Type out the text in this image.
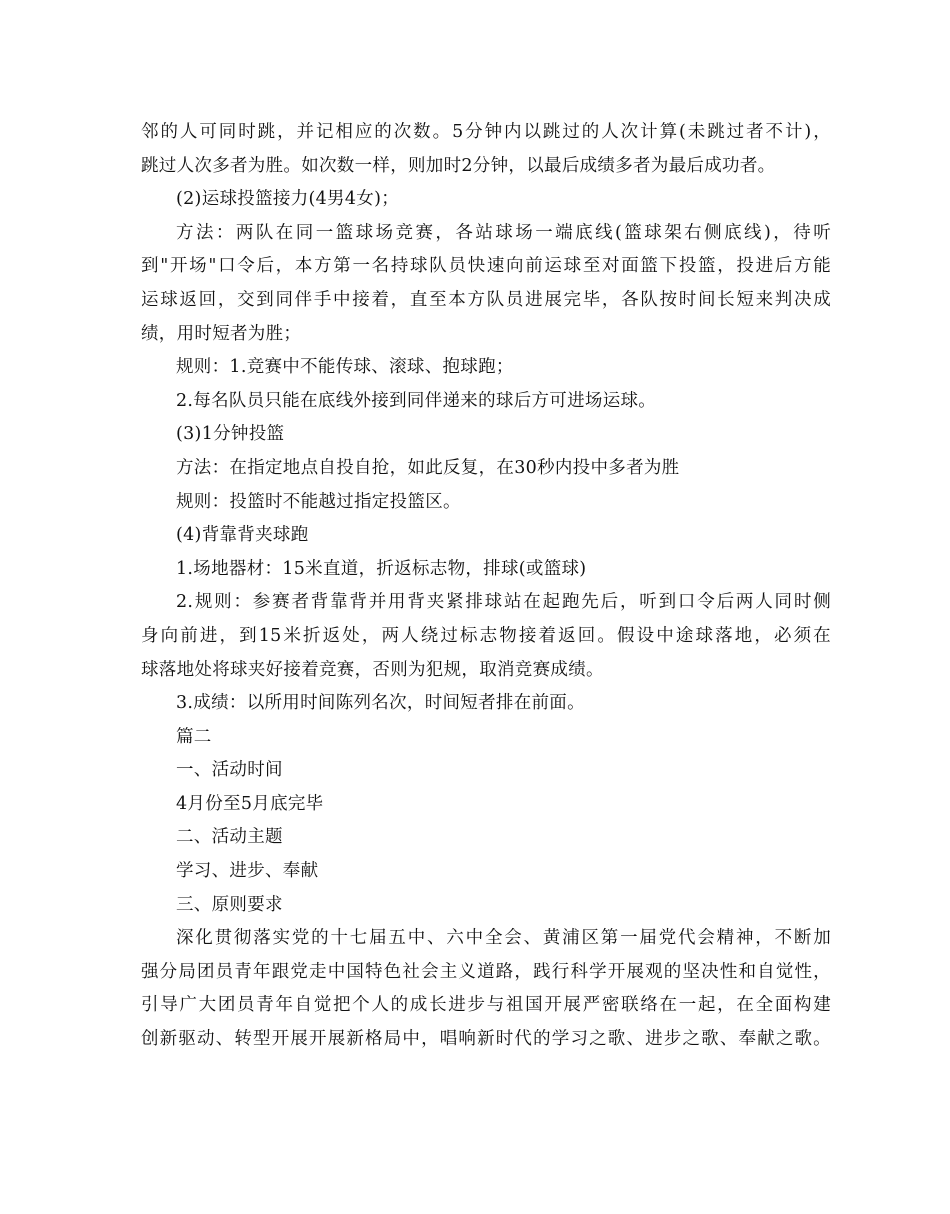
邻的人可同时跳，并记相应的次数。5分钟内以跳过的人次计算(未跳过者不计)，
跳过人次多者为胜。如次数一样，则加时2分钟，以最后成绩多者为最后成功者。
(2)运球投篮接力(4男4女)；
方法：两队在同一篮球场竞赛，各站球场一端底线(篮球架右侧底线)，待听
到"开场"口令后，本方第一名持球队员快速向前运球至对面篮下投篮，投进后方能
运球返回，交到同伴手中接着，直至本方队员进展完毕，各队按时间长短来判决成
绩，用时短者为胜；
规则：1.竞赛中不能传球、滚球、抱球跑；
2.每名队员只能在底线外接到同伴递来的球后方可进场运球。
(3)1分钟投篮
方法：在指定地点自投自抢，如此反复，在30秒内投中多者为胜
规则：投篮时不能越过指定投篮区。
(4)背靠背夹球跑
1.场地器材：15米直道，折返标志物，排球(或篮球)
2.规则：参赛者背靠背并用背夹紧排球站在起跑先后，听到口令后两人同时侧
身向前进，到15米折返处，两人绕过标志物接着返回。假设中途球落地，必须在
球落地处将球夹好接着竞赛，否则为犯规，取消竞赛成绩。
3.成绩：以所用时间陈列名次，时间短者排在前面。
篇二
一、活动时间
4月份至5月底完毕
二、活动主题
学习、进步、奉献
三、原则要求
深化贯彻落实党的十七届五中、六中全会、黄浦区第一届党代会精神，不断加
强分局团员青年跟党走中国特色社会主义道路，践行科学开展观的坚决性和自觉性，
引导广大团员青年自觉把个人的成长进步与祖国开展严密联络在一起，在全面构建
创新驱动、转型开展开展新格局中，唱响新时代的学习之歌、进步之歌、奉献之歌。
